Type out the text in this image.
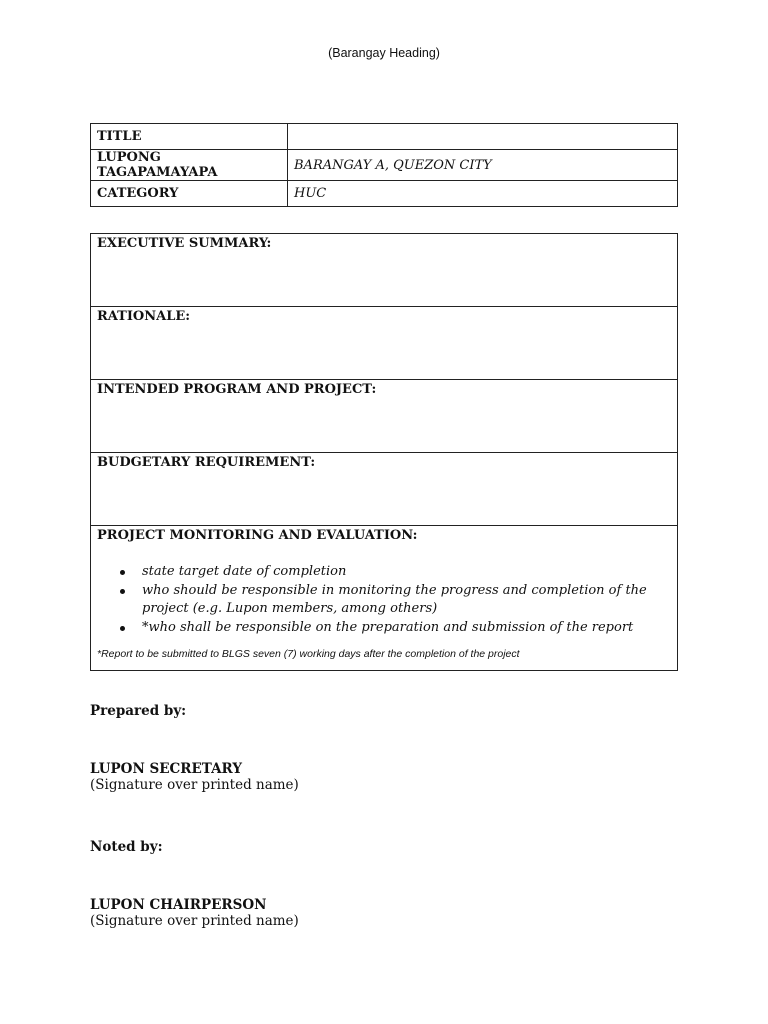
(Barangay Heading)
TITLE	
LUPONG TAGAPAMAYAPA	BARANGAY A, QUEZON CITY
CATEGORY	HUC
EXECUTIVE SUMMARY:
RATIONALE:
INTENDED PROGRAM AND PROJECT:
BUDGETARY REQUIREMENT:

PROJECT MONITORING AND EVALUATION:
state target date of completion
who should be responsible in monitoring the progress and completion of the project (e.g. Lupon members, among others)
*who shall be responsible on the preparation and submission of the report
*Report to be submitted to BLGS seven (7) working days after the completion of the project
Prepared by:
LUPON SECRETARY
(Signature over printed name)
Noted by:
LUPON CHAIRPERSON
(Signature over printed name)
